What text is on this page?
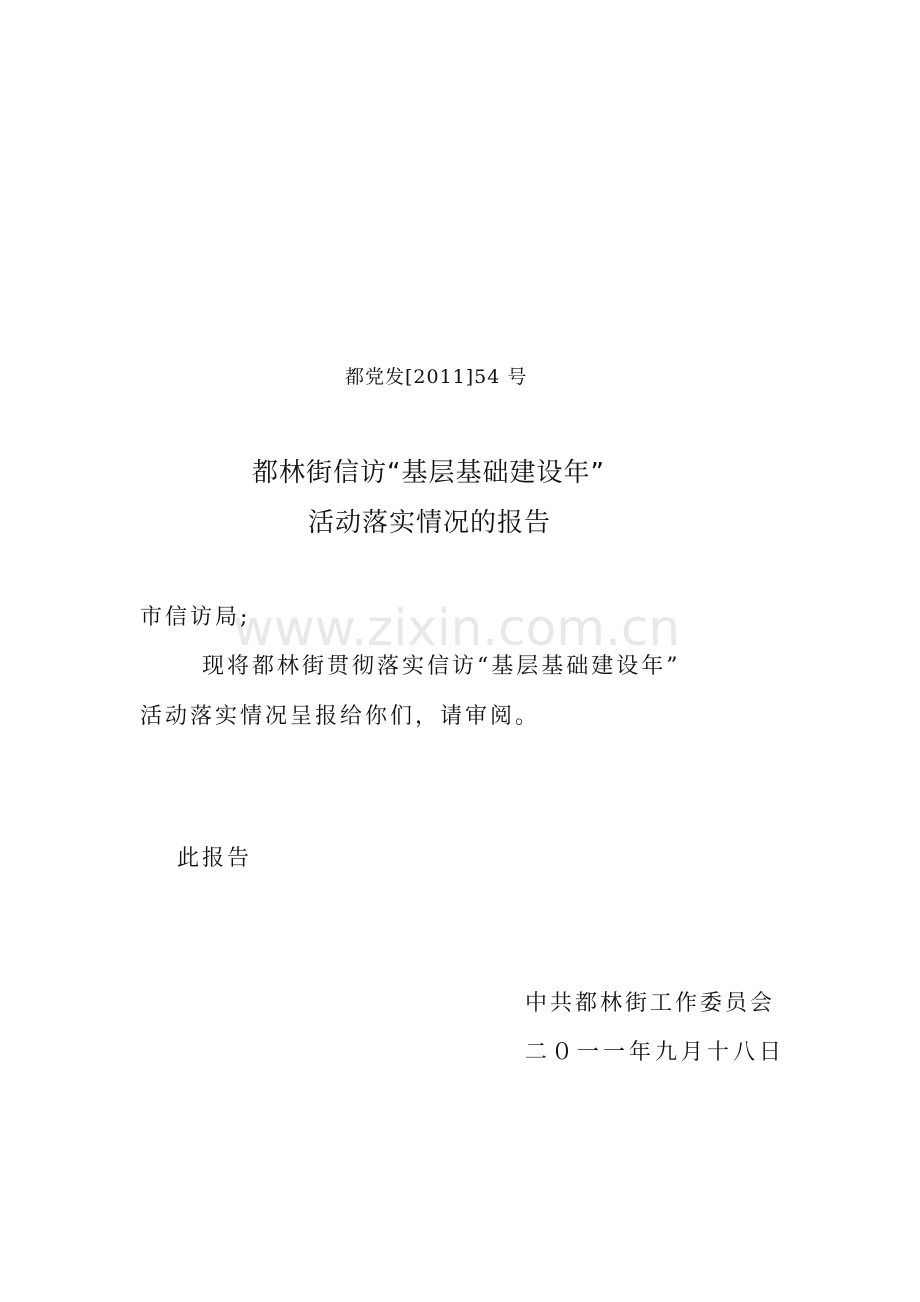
都党发[2011]54 号
都林街信访“基层基础建设年”
活动落实情况的报告
市信访局;
现将都林街贯彻落实信访“基层基础建设年”
活动落实情况呈报给你们，请审阅。
此报告
中共都林街工作委员会
二０一一年九月十八日
www.zixin.com.cn
